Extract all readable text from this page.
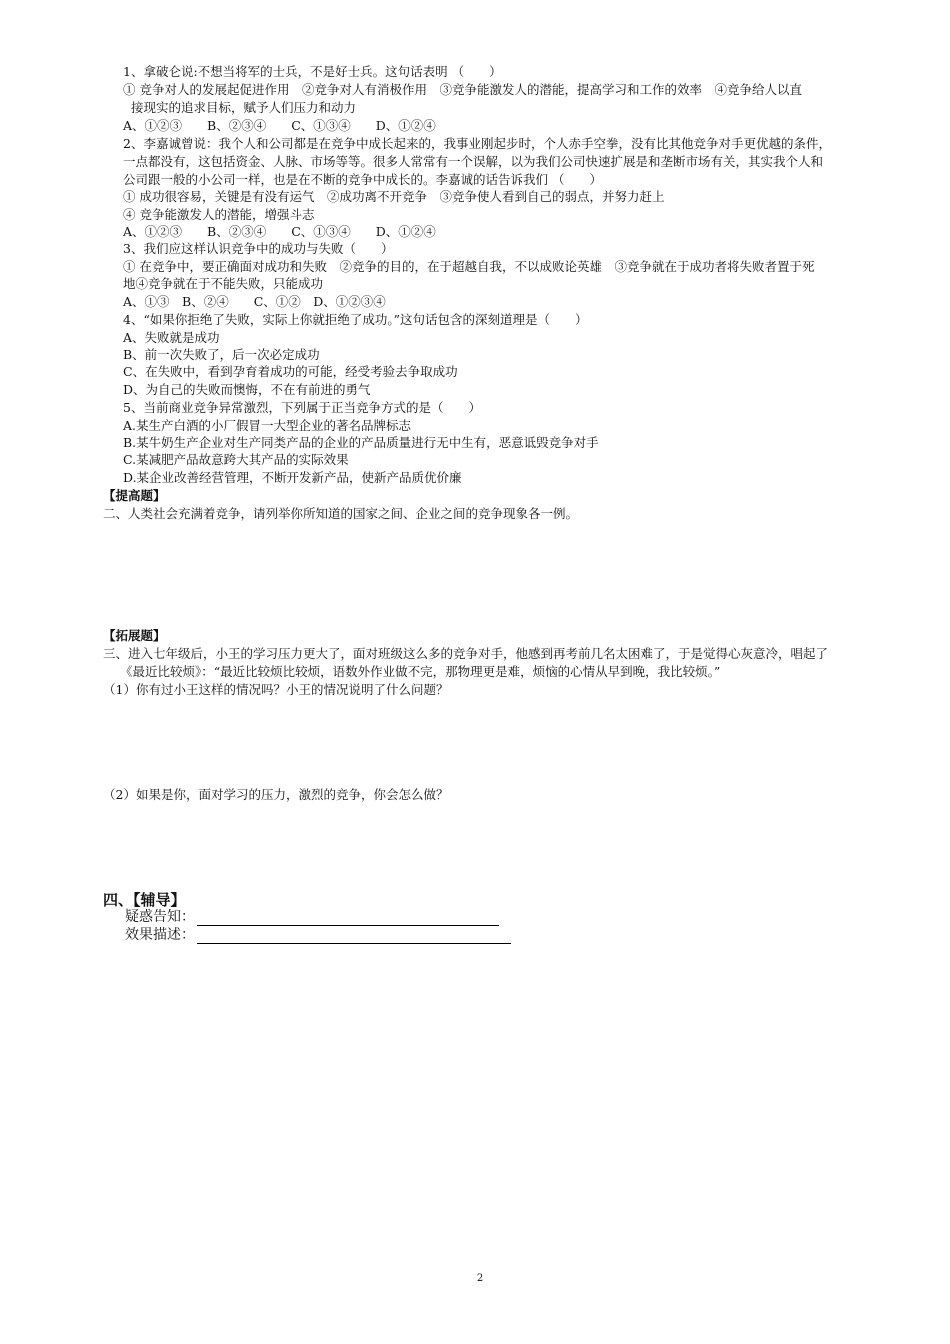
1、拿破仑说:不想当将军的士兵，不是好士兵。这句话表明 （　　）
① 竞争对人的发展起促进作用　②竞争对人有消极作用　③竞争能激发人的潜能，提高学习和工作的效率　④竞争给人以直
接现实的追求目标，赋予人们压力和动力
A、①②③　　B、②③④　　C、①③④　　D、①②④
2、李嘉诚曾说：我个人和公司都是在竞争中成长起来的，我事业刚起步时，个人赤手空拳，没有比其他竞争对手更优越的条件，
一点都没有，这包括资金、人脉、市场等等。很多人常常有一个误解，以为我们公司快速扩展是和垄断市场有关，其实我个人和
公司跟一般的小公司一样，也是在不断的竞争中成长的。李嘉诚的话告诉我们 （　　）
① 成功很容易，关键是有没有运气　②成功离不开竞争　③竞争使人看到自己的弱点，并努力赶上
④ 竞争能激发人的潜能，增强斗志
A、①②③　　B、②③④　　C、①③④　　D、①②④
3、我们应这样认识竞争中的成功与失败（　　）
① 在竞争中，要正确面对成功和失败　②竞争的目的，在于超越自我，不以成败论英雄　③竞争就在于成功者将失败者置于死
地④竞争就在于不能失败，只能成功
A、①③　B、②④　　C、①②　D、①②③④
4、“如果你拒绝了失败，实际上你就拒绝了成功。”这句话包含的深刻道理是（　　）
A、失败就是成功
B、前一次失败了，后一次必定成功
C、在失败中，看到孕育着成功的可能，经受考验去争取成功
D、为自己的失败而懊悔，不在有前进的勇气
5、当前商业竞争异常激烈，下列属于正当竞争方式的是（　　）
A.某生产白酒的小厂假冒一大型企业的著名品牌标志
B.某牛奶生产企业对生产同类产品的企业的产品质量进行无中生有，恶意诋毁竞争对手
C.某减肥产品故意跨大其产品的实际效果
D.某企业改善经营管理，不断开发新产品，使新产品质优价廉
【提高题】
二、人类社会充满着竞争，请列举你所知道的国家之间、企业之间的竞争现象各一例。
【拓展题】
三、进入七年级后，小王的学习压力更大了，面对班级这么多的竞争对手，他感到再考前几名太困难了，于是觉得心灰意冷，唱起了
《最近比较烦》：“最近比较烦比较烦，语数外作业做不完，那物理更是难，烦恼的心情从早到晚，我比较烦。”
（1）你有过小王这样的情况吗？小王的情况说明了什么问题？
（2）如果是你，面对学习的压力，激烈的竞争，你会怎么做？
四、【辅导】
疑惑告知：
效果描述：
2
